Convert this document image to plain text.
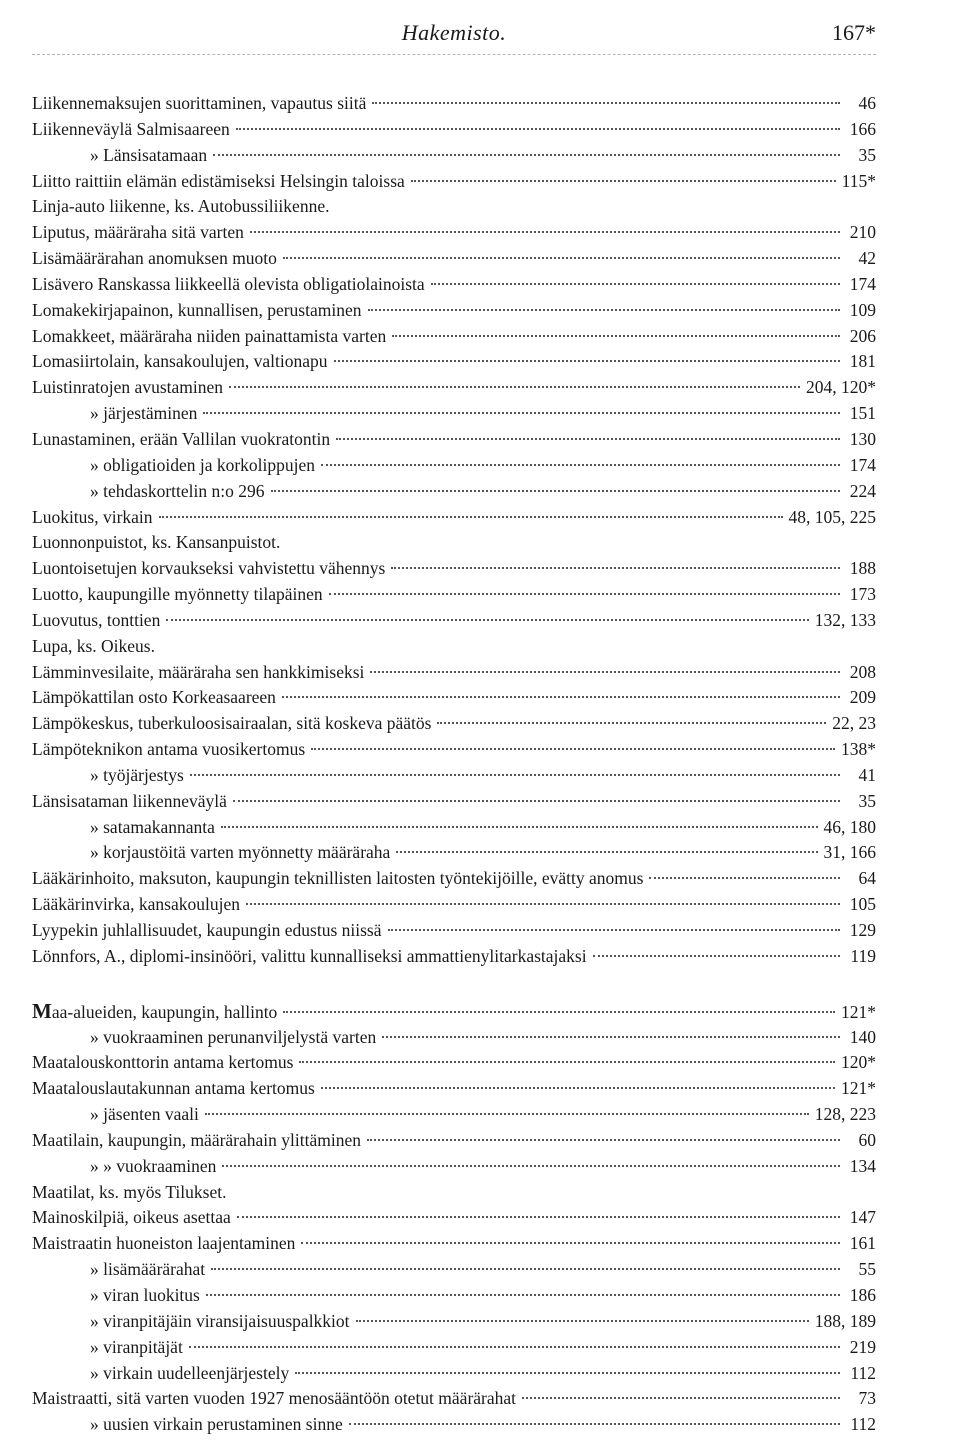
Hakemisto.	167*
Liikennemaksujen suorittaminen, vapautus siitä	46
Liikenneväylä Salmisaareen	166
» Länsisatamaan	35
Liitto raittiin elämän edistämiseksi Helsingin taloissa	115*
Linja-auto liikenne, ks. Autobussiliikenne.
Liputus, määräraha sitä varten	210
Lisämäärärahan anomuksen muoto	42
Lisävero Ranskassa liikkeellä olevista obligatiolainoista	174
Lomakekirjapainon, kunnallisen, perustaminen	109
Lomakkeet, määräraha niiden painattamista varten	206
Lomasiirtolain, kansakoulujen, valtionapu	181
Luistinratojen avustaminen	204, 120*
» järjestäminen	151
Lunastaminen, erään Vallilan vuokratontin	130
» obligatioiden ja korkolippujen	174
» tehdaskorttelin n:o 296	224
Luokitus, virkain	48, 105, 225
Luonnonpuistot, ks. Kansanpuistot.
Luontoisetujen korvaukseksi vahvistettu vähennys	188
Luotto, kaupungille myönnetty tilapäinen	173
Luovutus, tonttien	132, 133
Lupa, ks. Oikeus.
Lämminvesilaite, määräraha sen hankkimiseksi	208
Lämpökattilan osto Korkeasaareen	209
Lämpökeskus, tuberkuloosisairaalan, sitä koskeva päätös	22, 23
Lämpöteknikon antama vuosikertomus	138*
» työjärjestys	41
Länsisataman liikenneväylä	35
» satamakannanta	46, 180
» korjaustöitä varten myönnetty määräraha	31, 166
Lääkärinhoito, maksuton, kaupungin teknillisten laitosten työntekijöille, evätty anomus	64
Lääkärinvirka, kansakoulujen	105
Lyypekin juhlallisuudet, kaupungin edustus niissä	129
Lönnfors, A., diplomi-insinööri, valittu kunnalliseksi ammattienylitarkastajaksi	119
Maa-alueiden, kaupungin, hallinto	121*
» vuokraaminen perunanviljelystä varten	140
Maatalouskonttorin antama kertomus	120*
Maatalouslautakunnan antama kertomus	121*
» jäsenten vaali	128, 223
Maatilain, kaupungin, määrärahain ylittäminen	60
» » vuokraaminen	134
Maatilat, ks. myös Tilukset.
Mainoskilpiä, oikeus asettaa	147
Maistraatin huoneiston laajentaminen	161
» lisämäärärahat	55
» viran luokitus	186
» viranpitäjäin viransijaisuuspalkkiot	188, 189
» viranpitäjät	219
» virkain uudelleenjärjestely	112
Maistraatti, sitä varten vuoden 1927 menosääntöön otetut määrärahat	73
» uusien virkain perustaminen sinne	112
